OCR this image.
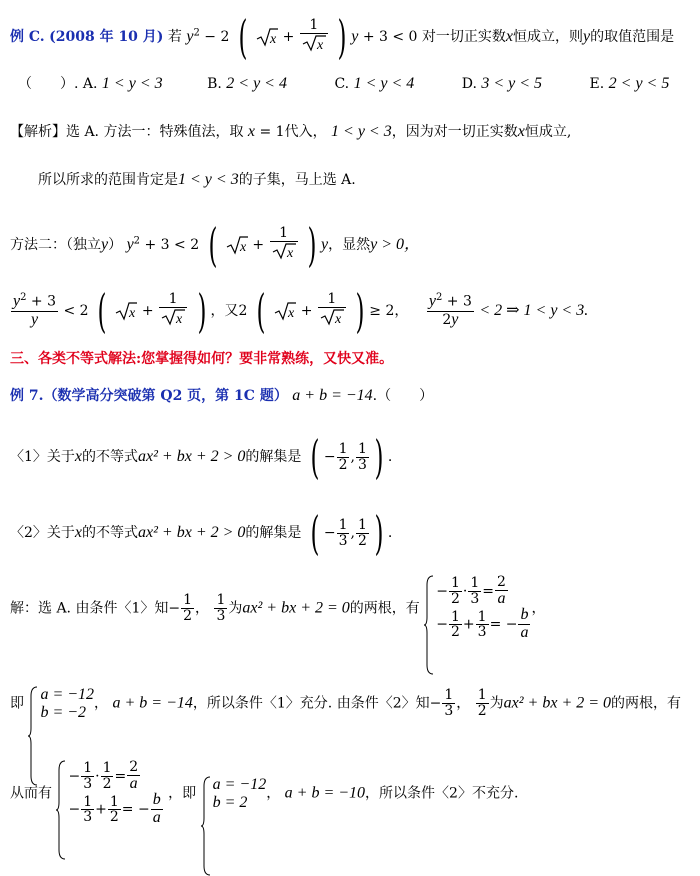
例 C. (2008 年 10 月) 若 $y^2 - 2$ ( $x + \frac{1}{x}$ ) y + 3 < 0 对一切正实数x恒成立，则y的取值范围是
（　　）. A. 1 < y < 3	B. 2 < y < 4	C. 1 < y < 4	D. 3 < y < 5	E. 2 < y < 5
【解析】选 A. 方法一：特殊值法，取 x = 1代入， 1 < y < 3，因为对一切正实数x恒成立,
所以所求的范围肯定是1 < y < 3的子集，马上选 A.
方法二：（独立y） $y^2 + 3 < 2$ ( $x + \frac{1}{x}$ ) y，显然y > 0，
$\frac{y^2 + 3}{y} < 2$ ( $x + \frac{1}{x}$ ) ，又2 ( $x + \frac{1}{x}$ ) ≥ 2， $\frac{y^2 + 3}{2y} < 2$ ⇒ 1 < y < 3.
三、各类不等式解法:您掌握得如何？要非常熟练，又快又准。
例 7.（数学高分突破第 Q2 页，第 1C 题） a + b = −14.（　　）
〈1〉关于x的不等式ax² + bx + 2 > 0的解集是 ( − $\frac{1}{2}$ , $\frac{1}{3}$ ) .
〈2〉关于x的不等式ax² + bx + 2 > 0的解集是 ( − $\frac{1}{3}$ , $\frac{1}{2}$ ) .
解：选 A. 由条件〈1〉知− $\frac{1}{2}$ ， $\frac{1}{3}$ 为ax² + bx + 2 = 0的两根，有
− $\frac{1}{2} \cdot \frac{1}{3} = \frac{2}{a}$
− $\frac{1}{2} + \frac{1}{3}$ = − $\frac{b}{a}$ ，
即
a = −12
b = −2 ， a + b = −14，所以条件〈1〉充分. 由条件〈2〉知− $\frac{1}{3}$ ， $\frac{1}{2}$ 为ax² + bx + 2 = 0的两根，有
从而有
− $\frac{1}{3} \cdot \frac{1}{2} = \frac{2}{a}$
− $\frac{1}{3} + \frac{1}{2}$ = − $\frac{b}{a}$ ，即
a = −12
b = 2	， a + b = −10，所以条件〈2〉不充分.
